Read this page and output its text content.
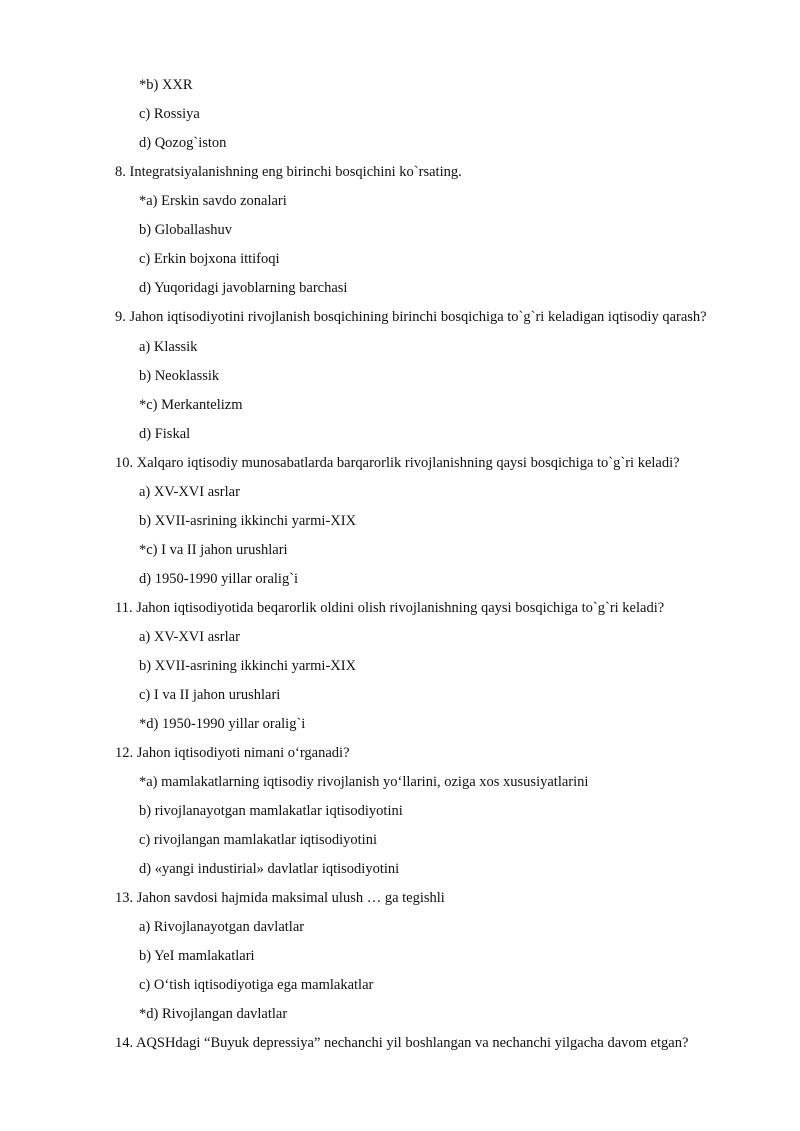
*b) XXR
c) Rossiya
d) Qozog`iston
8. Integratsiyalanishning eng birinchi bosqichini ko`rsating.
*a) Erskin savdo zonalari
b) Globallashuv
c) Erkin bojxona ittifoqi
d) Yuqoridagi javoblarning barchasi
9. Jahon iqtisodiyotini rivojlanish bosqichining birinchi bosqichiga to`g`ri keladigan iqtisodiy qarash?
a) Klassik
b) Neoklassik
*c) Merkantelizm
d) Fiskal
10. Xalqaro iqtisodiy munosabatlarda barqarorlik rivojlanishning qaysi bosqichiga to`g`ri keladi?
a) XV-XVI asrlar
b) XVII-asrining ikkinchi yarmi-XIX
*c) I va II jahon urushlari
d) 1950-1990 yillar oralig`i
11. Jahon iqtisodiyotida beqarorlik oldini olish rivojlanishning qaysi bosqichiga to`g`ri keladi?
a) XV-XVI asrlar
b) XVII-asrining ikkinchi yarmi-XIX
c) I va II jahon urushlari
*d) 1950-1990 yillar oralig`i
12. Jahon iqtisodiyoti nimani o‘rganadi?
*a) mamlakatlarning iqtisodiy rivojlanish yo‘llarini, oziga xos xususiyatlarini
b) rivojlanayotgan mamlakatlar iqtisodiyotini
c) rivojlangan mamlakatlar iqtisodiyotini
d) «yangi industirial» davlatlar iqtisodiyotini
13. Jahon savdosi hajmida maksimal ulush … ga tegishli
a) Rivojlanayotgan davlatlar
b) YeI mamlakatlari
c) O‘tish iqtisodiyotiga ega mamlakatlar
*d) Rivojlangan davlatlar
14. AQSHdagi “Buyuk depressiya” nechanchi yil boshlangan va nechanchi yilgacha davom etgan?
